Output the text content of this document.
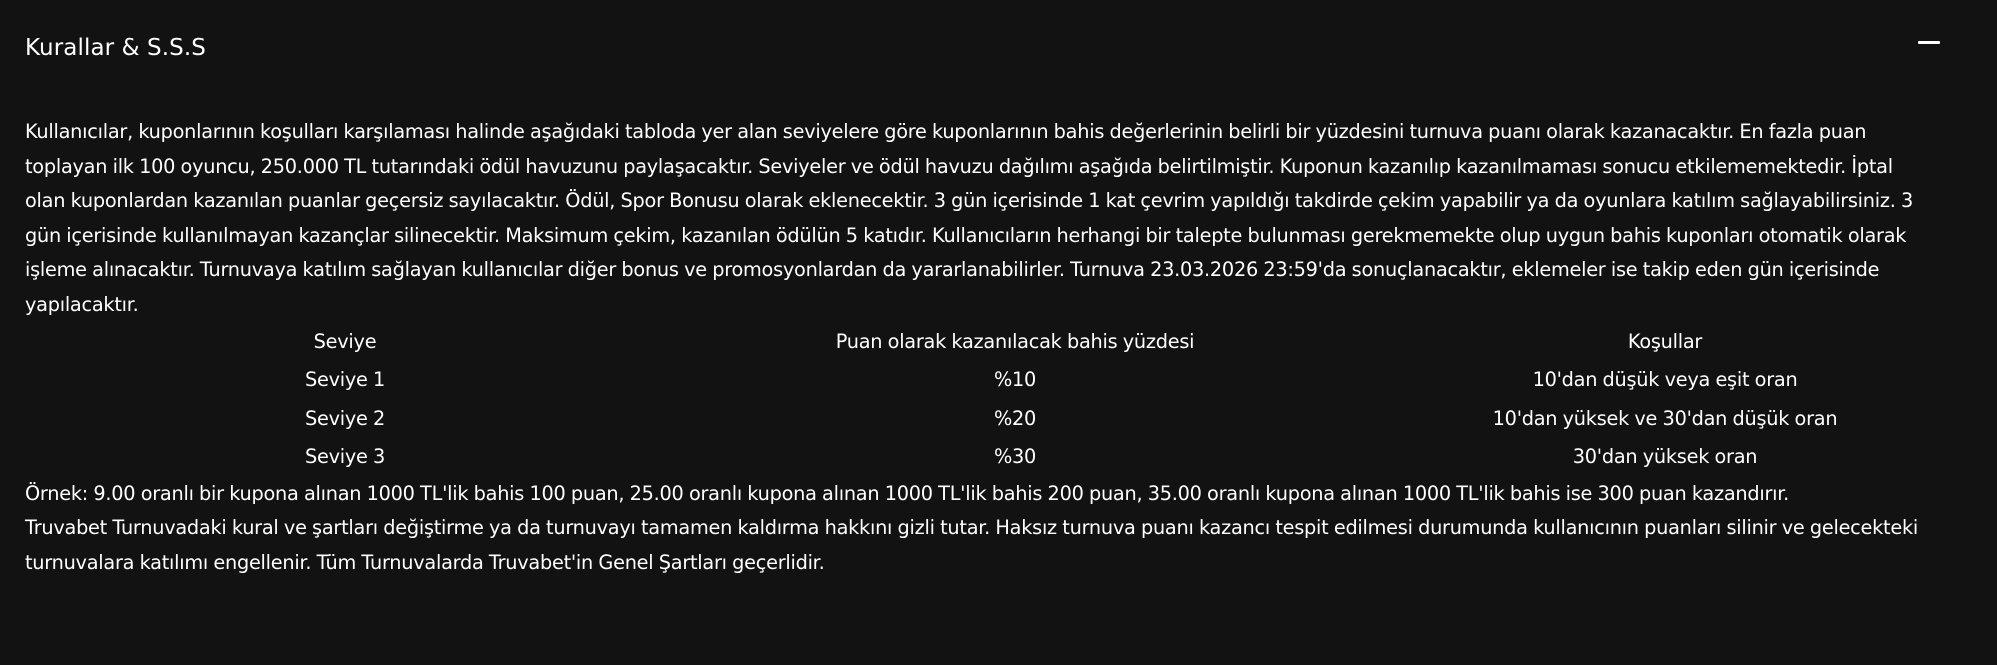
Kurallar & S.S.S

Kullanıcılar, kuponlarının koşulları karşılaması halinde aşağıdaki tabloda yer alan seviyelere göre kuponlarının bahis değerlerinin belirli bir yüzdesini turnuva puanı olarak kazanacaktır. En fazla puan toplayan ilk 100 oyuncu, 250.000 TL tutarındaki ödül havuzunu paylaşacaktır. Seviyeler ve ödül havuzu dağılımı aşağıda belirtilmiştir. Kuponun kazanılıp kazanılmaması sonucu etkilememektedir. İptal olan kuponlardan kazanılan puanlar geçersiz sayılacaktır. Ödül, Spor Bonusu olarak eklenecektir. 3 gün içerisinde 1 kat çevrim yapıldığı takdirde çekim yapabilir ya da oyunlara katılım sağlayabilirsiniz. 3 gün içerisinde kullanılmayan kazançlar silinecektir. Maksimum çekim, kazanılan ödülün 5 katıdır. Kullanıcıların herhangi bir talepte bulunması gerekmemekte olup uygun bahis kuponları otomatik olarak işleme alınacaktır. Turnuvaya katılım sağlayan kullanıcılar diğer bonus ve promosyonlardan da yararlanabilirler. Turnuva 23.03.2026 23:59'da sonuçlanacaktır, eklemeler ise takip eden gün içerisinde yapılacaktır.

Seviye	Puan olarak kazanılacak bahis yüzdesi	Koşullar
Seviye 1	%10	10'dan düşük veya eşit oran
Seviye 2	%20	10'dan yüksek ve 30'dan düşük oran
Seviye 3	%30	30'dan yüksek oran

Örnek: 9.00 oranlı bir kupona alınan 1000 TL'lik bahis 100 puan, 25.00 oranlı kupona alınan 1000 TL'lik bahis 200 puan, 35.00 oranlı kupona alınan 1000 TL'lik bahis ise 300 puan kazandırır.

Truvabet Turnuvadaki kural ve şartları değiştirme ya da turnuvayı tamamen kaldırma hakkını gizli tutar. Haksız turnuva puanı kazancı tespit edilmesi durumunda kullanıcının puanları silinir ve gelecekteki turnuvalara katılımı engellenir. Tüm Turnuvalarda Truvabet'in Genel Şartları geçerlidir.
